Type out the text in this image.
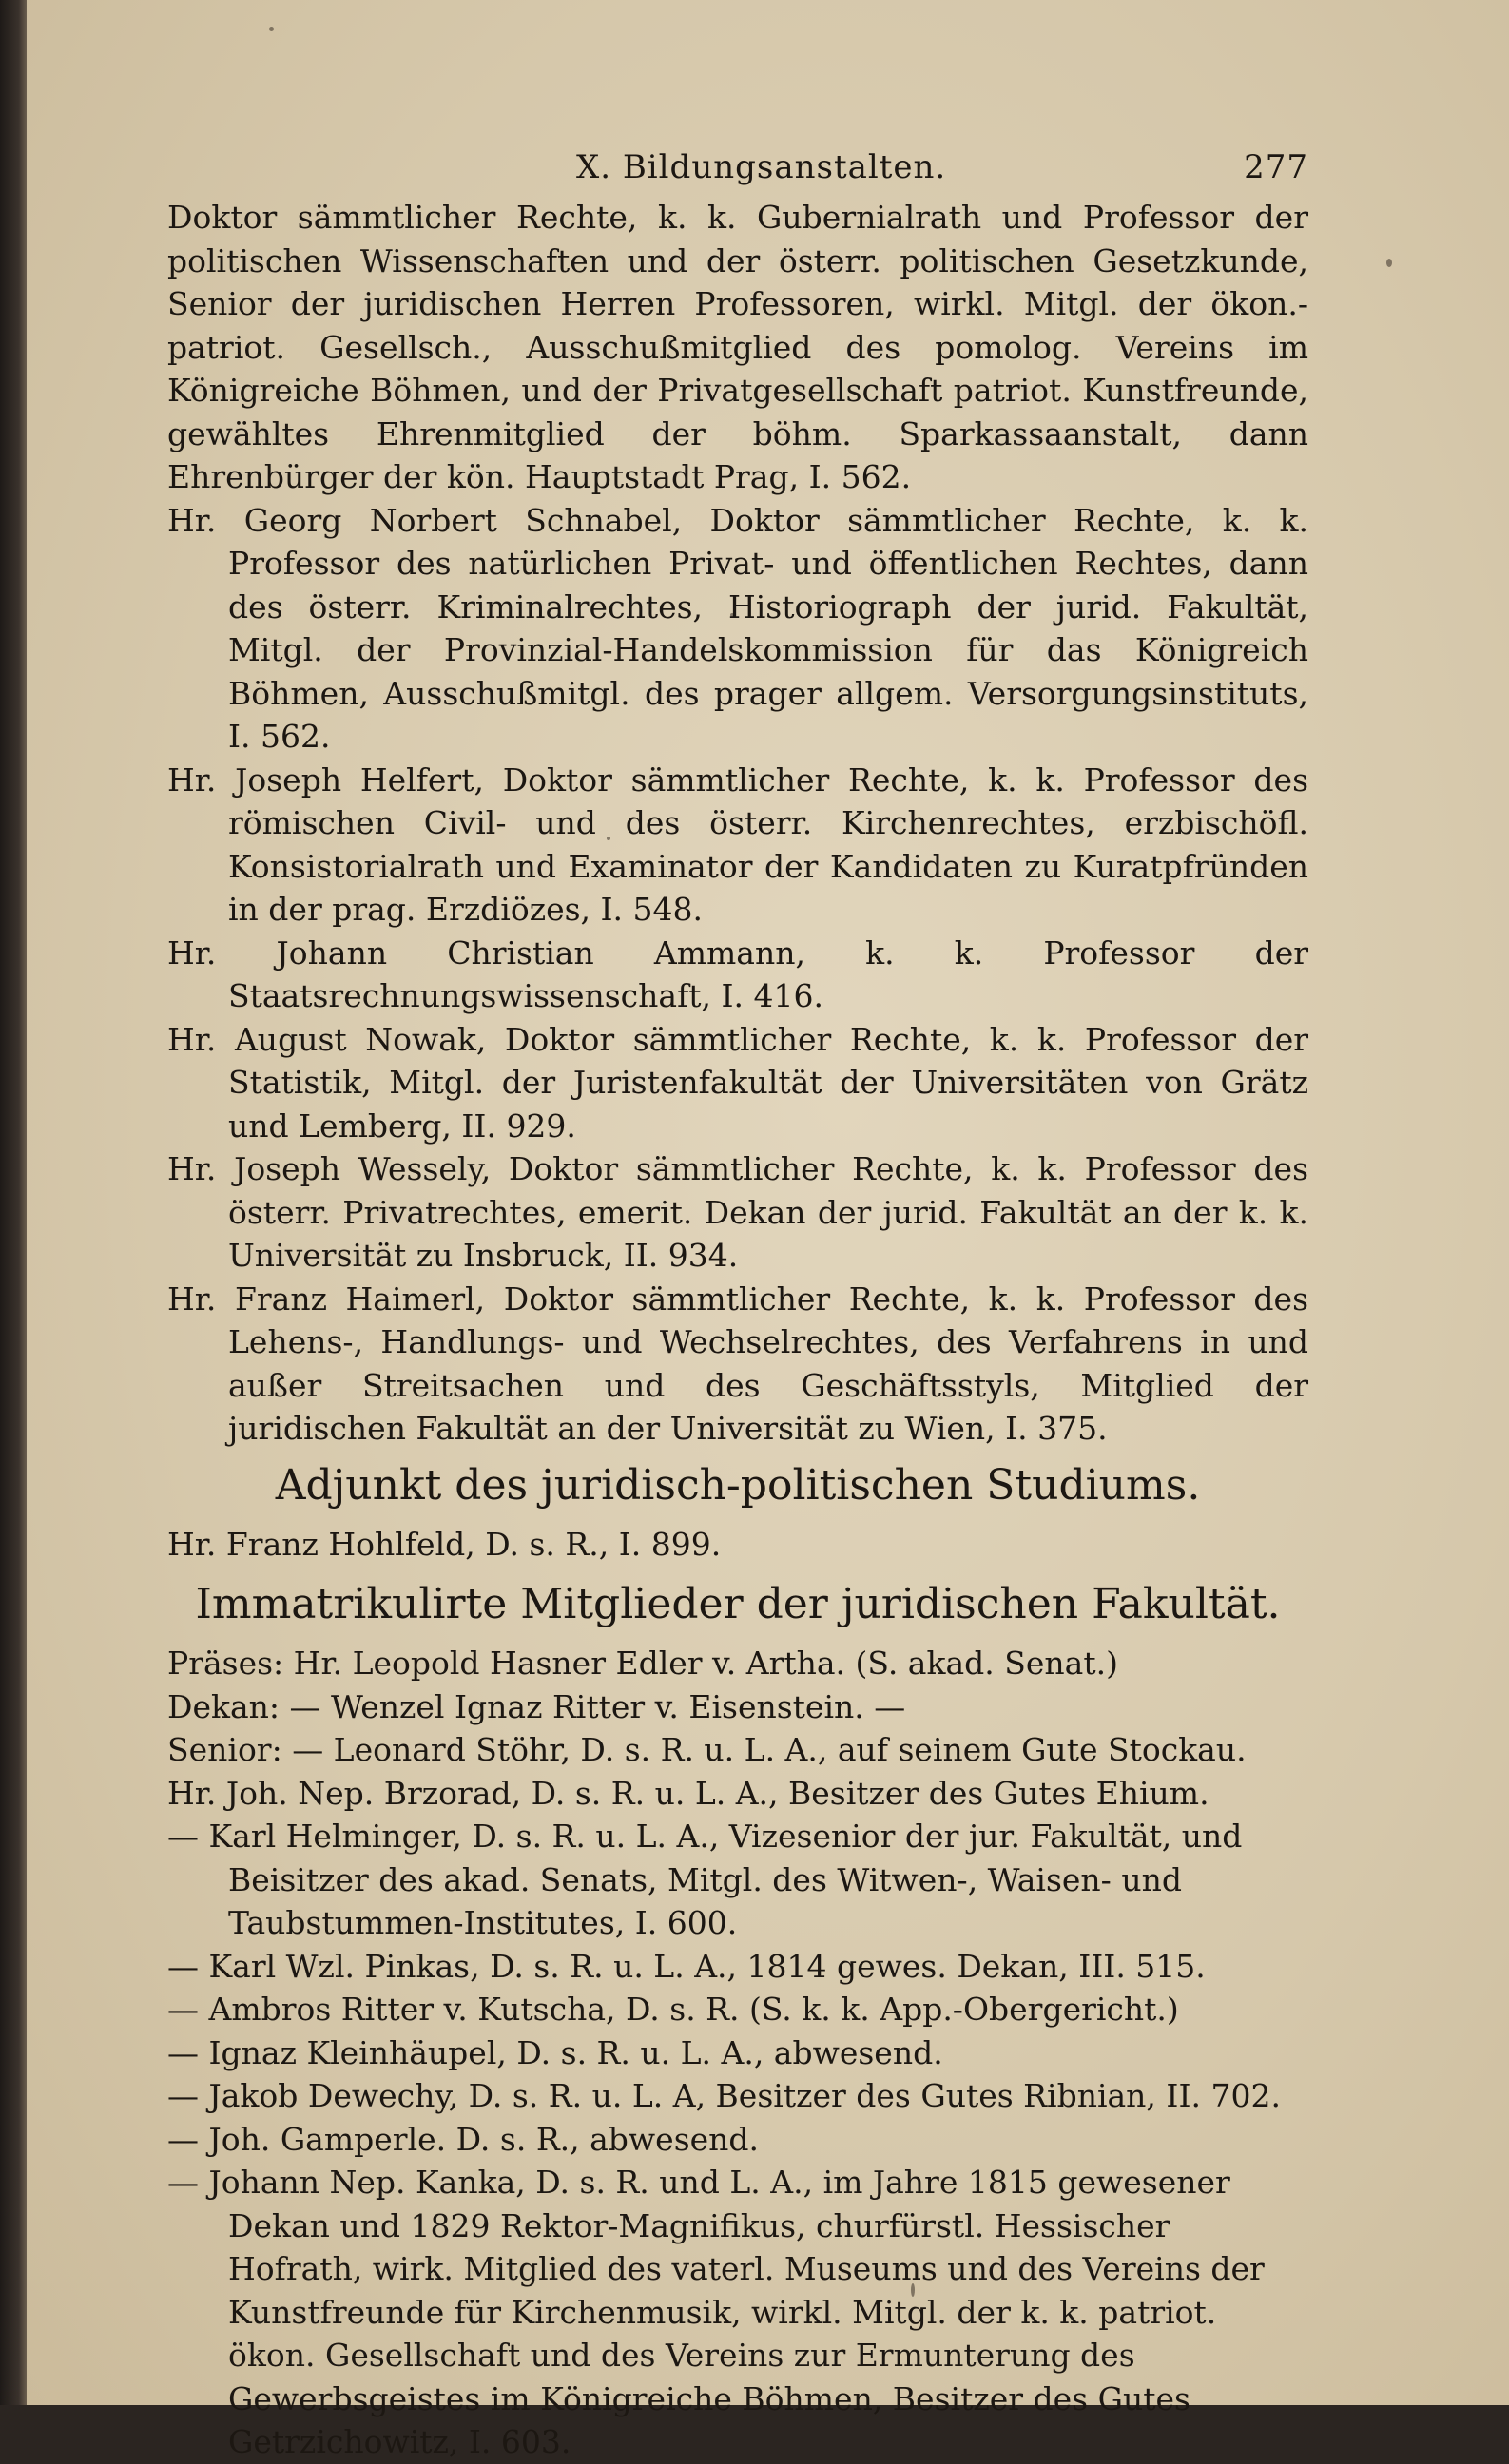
X. Bildungsanstalten.	277

Doktor sämmtlicher Rechte, k. k. Gubernialrath und Professor der politischen Wissenschaften und der österr. politischen Gesetzkunde, Senior der juridischen Herren Professoren, wirkl. Mitgl. der ökon.-patriot. Gesellsch., Ausschußmitglied des pomolog. Vereins im Königreiche Böhmen, und der Privatgesellschaft patriot. Kunstfreunde, gewähltes Ehrenmitglied der böhm. Sparkassaanstalt, dann Ehrenbürger der kön. Hauptstadt Prag, I. 562.

Hr. Georg Norbert Schnabel, Doktor sämmtlicher Rechte, k. k. Professor des natürlichen Privat- und öffentlichen Rechtes, dann des österr. Kriminalrechtes, Historiograph der jurid. Fakultät, Mitgl. der Provinzial-Handelskommission für das Königreich Böhmen, Ausschußmitgl. des prager allgem. Versorgungsinstituts, I. 562.

Hr. Joseph Helfert, Doktor sämmtlicher Rechte, k. k. Professor des römischen Civil- und des österr. Kirchenrechtes, erzbischöfl. Konsistorialrath und Examinator der Kandidaten zu Kuratpfründen in der prag. Erzdiözes, I. 548.

Hr. Johann Christian Ammann, k. k. Professor der Staatsrechnungswissenschaft, I. 416.

Hr. August Nowak, Doktor sämmtlicher Rechte, k. k. Professor der Statistik, Mitgl. der Juristenfakultät der Universitäten von Grätz und Lemberg, II. 929.

Hr. Joseph Wessely, Doktor sämmtlicher Rechte, k. k. Professor des österr. Privatrechtes, emerit. Dekan der jurid. Fakultät an der k. k. Universität zu Insbruck, II. 934.

Hr. Franz Haimerl, Doktor sämmtlicher Rechte, k. k. Professor des Lehens-, Handlungs- und Wechselrechtes, des Verfahrens in und außer Streitsachen und des Geschäftsstyls, Mitglied der juridischen Fakultät an der Universität zu Wien, I. 375.

Adjunkt des juridisch-politischen Studiums.

Hr. Franz Hohlfeld, D. s. R., I. 899.

Immatrikulirte Mitglieder der juridischen Fakultät.

Präses: Hr. Leopold Hasner Edler v. Artha. (S. akad. Senat.)

Dekan: — Wenzel Ignaz Ritter v. Eisenstein. —

Senior: — Leonard Stöhr, D. s. R. u. L. A., auf seinem Gute Stockau.

Hr. Joh. Nep. Brzorad, D. s. R. u. L. A., Besitzer des Gutes Ehium.

— Karl Helminger, D. s. R. u. L. A., Vizesenior der jur. Fakultät, und Beisitzer des akad. Senats, Mitgl. des Witwen-, Waisen- und Taubstummen-Institutes, I. 600.

— Karl Wzl. Pinkas, D. s. R. u. L. A., 1814 gewes. Dekan, III. 515.

— Ambros Ritter v. Kutscha, D. s. R. (S. k. k. App.-Obergericht.)

— Ignaz Kleinhäupel, D. s. R. u. L. A., abwesend.

— Jakob Dewechy, D. s. R. u. L. A, Besitzer des Gutes Ribnian, II. 702.

— Joh. Gamperle. D. s. R., abwesend.

— Johann Nep. Kanka, D. s. R. und L. A., im Jahre 1815 gewesener Dekan und 1829 Rektor-Magnifikus, churfürstl. Hessischer Hofrath, wirk. Mitglied des vaterl. Museums und des Vereins der Kunstfreunde für Kirchenmusik, wirkl. Mitgl. der k. k. patriot. ökon. Gesellschaft und des Vereins zur Ermunterung des Gewerbsgeistes im Königreiche Böhmen, Besitzer des Gutes Getrzichowitz, I. 603.
